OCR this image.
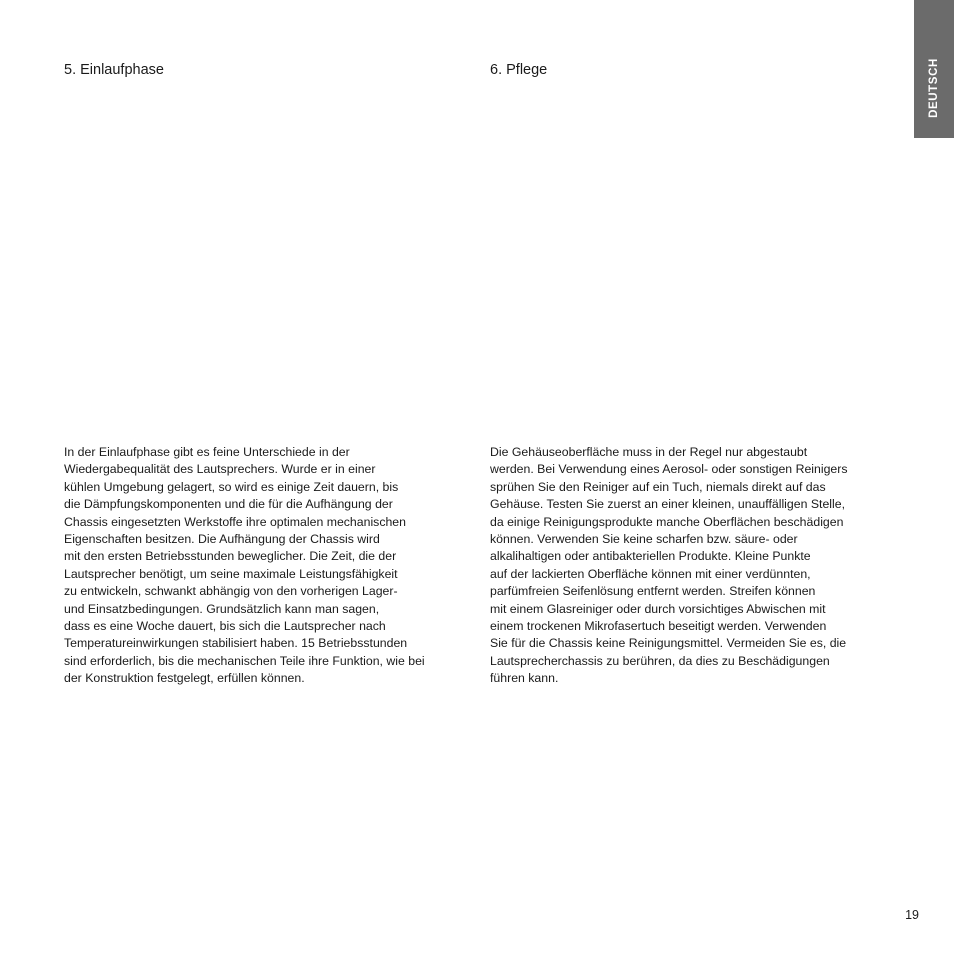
5. Einlaufphase	6. Pflege
In der Einlaufphase gibt es feine Unterschiede in der
Wiedergabequalität des Lautsprechers. Wurde er in einer
kühlen Umgebung gelagert, so wird es einige Zeit dauern, bis
die Dämpfungskomponenten und die für die Aufhängung der
Chassis eingesetzten Werkstoffe ihre optimalen mechanischen
Eigenschaften besitzen. Die Aufhängung der Chassis wird
mit den ersten Betriebsstunden beweglicher. Die Zeit, die der
Lautsprecher benötigt, um seine maximale Leistungsfähigkeit
zu entwickeln, schwankt abhängig von den vorherigen Lager-
und Einsatzbedingungen. Grundsätzlich kann man sagen,
dass es eine Woche dauert, bis sich die Lautsprecher nach
Temperatureinwirkungen stabilisiert haben. 15 Betriebsstunden
sind erforderlich, bis die mechanischen Teile ihre Funktion, wie bei
der Konstruktion festgelegt, erfüllen können.
Die Gehäuseoberfläche muss in der Regel nur abgestaubt
werden. Bei Verwendung eines Aerosol- oder sonstigen Reinigers
sprühen Sie den Reiniger auf ein Tuch, niemals direkt auf das
Gehäuse. Testen Sie zuerst an einer kleinen, unauffälligen Stelle,
da einige Reinigungsprodukte manche Oberflächen beschädigen
können. Verwenden Sie keine scharfen bzw. säure- oder
alkalihaltigen oder antibakteriellen Produkte. Kleine Punkte
auf der lackierten Oberfläche können mit einer verdünnten,
parfümfreien Seifenlösung entfernt werden. Streifen können
mit einem Glasreiniger oder durch vorsichtiges Abwischen mit
einem trockenen Mikrofasertuch beseitigt werden. Verwenden
Sie für die Chassis keine Reinigungsmittel. Vermeiden Sie es, die
Lautsprecherchassis zu berühren, da dies zu Beschädigungen
führen kann.
DEUTSCH
19
